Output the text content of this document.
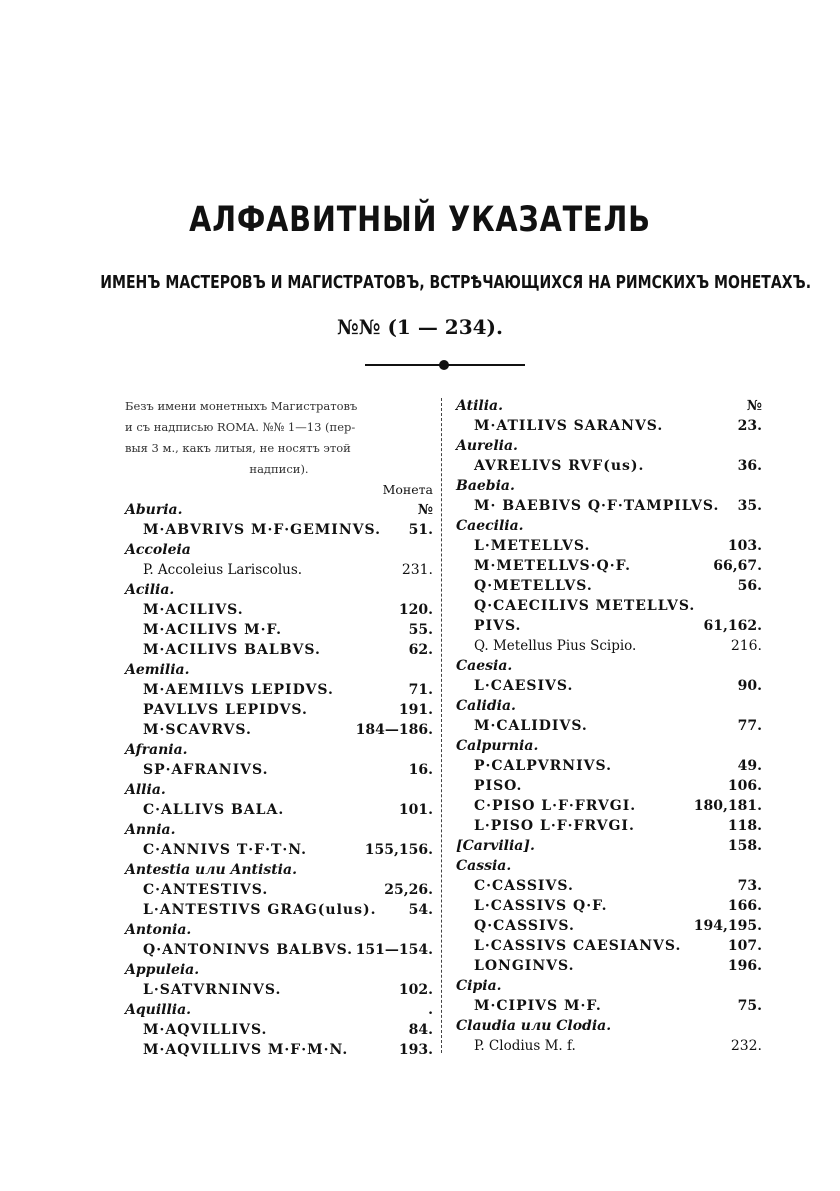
АЛФАВИТНЫЙ УКАЗАТЕЛЬ
ИМЕНЪ МАСТЕРОВЪ И МАГИСТРАТОВЪ, ВСТРѢЧАЮЩИХСЯ НА РИМСКИХЪ МОНЕТАХЪ.
№№ (1 — 234).
Безъ имени монетныхъ Магистратовъ
и съ надписью ROMA. №№ 1—13 (пер-
выя 3 м., какъ литыя, не носятъ этой
надписи).
Монета
Aburia.	№
M·ABVRIVS M·F·GEMINVS. 51.
Accoleia
P. Accoleius Lariscolus.	231.
Acilia.
M·ACILIVS.	120.
M·ACILIVS M·F.	55.
M·ACILIVS BALBVS.	62.
Aemilia.
M·AEMILVS LEPIDVS.	71.
PAVLLVS LEPIDVS.	191.
M·SCAVRVS.	184—186.
Afrania.
SP·AFRANIVS.	16.
Allia.
C·ALLIVS BALA.	101.
Annia.
C·ANNIVS T·F·T·N.	155,156.
Antestia или Antistia.
C·ANTESTIVS.	25,26.
L·ANTESTIVS GRAG(ulus). 54.
Antonia.
Q·ANTONINVS BALBVS. 151—154.
Appuleia.
L·SATVRNINVS.	102.
Aquillia.	.
M·AQVILLIVS.	84.
M·AQVILLIVS M·F·M·N.	193.
Atilia.	№
M·ATILIVS SARANVS.	23.
Aurelia.
AVRELIVS RVF(us).	36.
Baebia.
M· BAEBIVS Q·F·TAMPILVS. 35.
Caecilia.
L·METELLVS.	103.
M·METELLVS·Q·F.	66,67.
Q·METELLVS.	56.
Q·CAECILIVS METELLVS.
PIVS.	61,162.
Q. Metellus Pius Scipio.	216.
Caesia.
L·CAESIVS.	90.
Calidia.
M·CALIDIVS.	77.
Calpurnia.
P·CALPVRNIVS.	49.
PISO.	106.
C·PISO L·F·FRVGI.	180,181.
L·PISO L·F·FRVGI.	118.
[Carvilia].	158.
Cassia.
C·CASSIVS.	73.
L·CASSIVS Q·F.	166.
Q·CASSIVS.	194,195.
L·CASSIVS CAESIANVS.	107.
LONGINVS.	196.
Cipia.
M·CIPIVS M·F.	75.
Claudia или Clodia.
P. Clodius M. f.	232.
